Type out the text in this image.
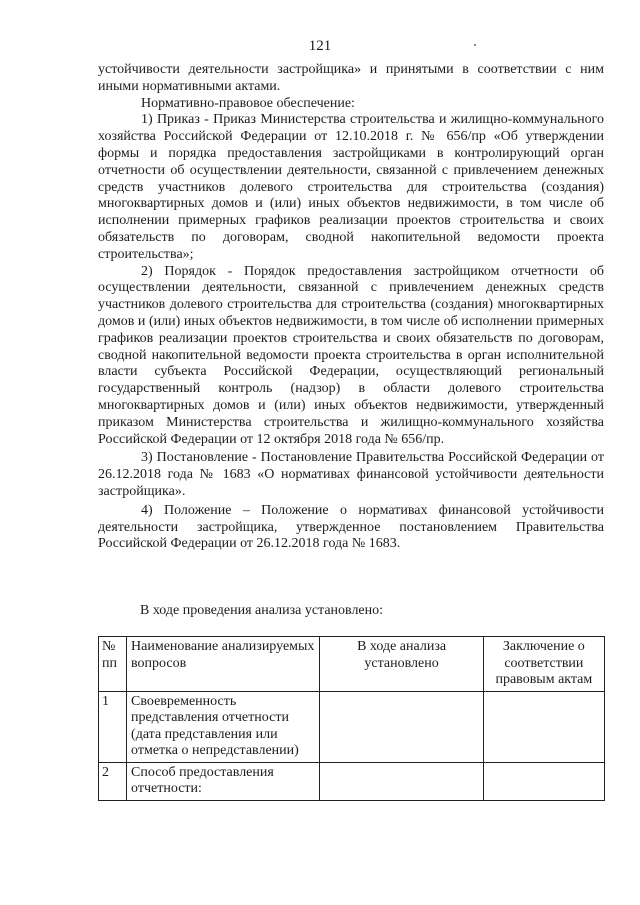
121

устойчивости деятельности застройщика» и принятыми в соответствии с ним иными нормативными актами.

Нормативно-правовое обеспечение:

1) Приказ - Приказ Министерства строительства и жилищно-коммунального хозяйства Российской Федерации от 12.10.2018 г. № 656/пр «Об утверждении формы и порядка предоставления застройщиками в контролирующий орган отчетности об осуществлении деятельности, связанной с привлечением денежных средств участников долевого строительства для строительства (создания) многоквартирных домов и (или) иных объектов недвижимости, в том числе об исполнении примерных графиков реализации проектов строительства и своих обязательств по договорам, сводной накопительной ведомости проекта строительства»;

2) Порядок - Порядок предоставления застройщиком отчетности об осуществлении деятельности, связанной с привлечением денежных средств участников долевого строительства для строительства (создания) многоквартирных домов и (или) иных объектов недвижимости, в том числе об исполнении примерных графиков реализации проектов строительства и своих обязательств по договорам, сводной накопительной ведомости проекта строительства в орган исполнительной власти субъекта Российской Федерации, осуществляющий региональный государственный контроль (надзор) в области долевого строительства многоквартирных домов и (или) иных объектов недвижимости, утвержденный приказом Министерства строительства и жилищно-коммунального хозяйства Российской Федерации от 12 октября 2018 года № 656/пр.

3) Постановление - Постановление Правительства Российской Федерации от 26.12.2018 года № 1683 «О нормативах финансовой устойчивости деятельности застройщика».

4) Положение – Положение о нормативах финансовой устойчивости деятельности застройщика, утвержденное постановлением Правительства Российской Федерации от 26.12.2018 года № 1683.

В ходе проведения анализа установлено:
№ пп	Наименование анализируемых вопросов	В ходе анализа установлено	Заключение о соответствии правовым актам
1	Своевременность представления отчетности (дата представления или отметка о непредставлении)		
2	Способ предоставления отчетности:		
